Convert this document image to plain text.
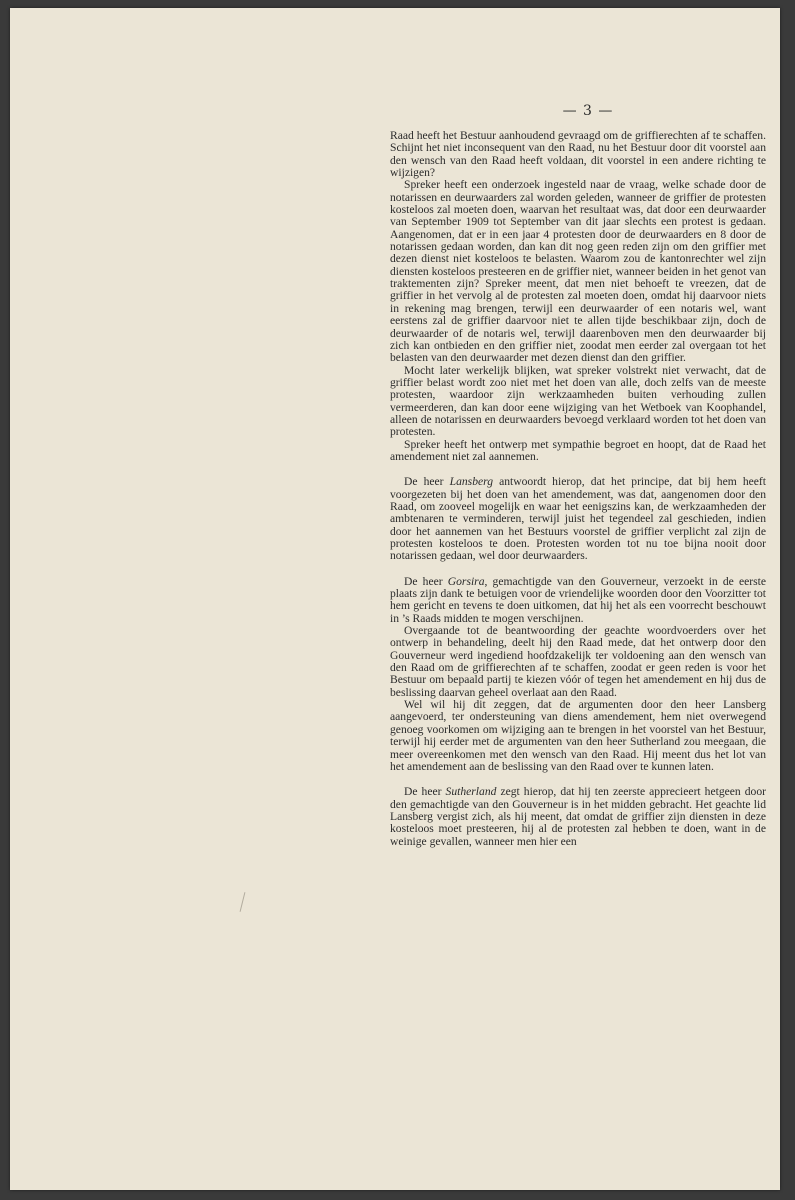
— 3 —

Raad heeft het Bestuur aanhoudend gevraagd om de griffierechten af te schaffen. Schijnt het niet inconsequent van den Raad, nu het Bestuur door dit voorstel aan den wensch van den Raad heeft voldaan, dit voorstel in een andere richting te wijzigen?

Spreker heeft een onderzoek ingesteld naar de vraag, welke schade door de notarissen en deurwaarders zal worden geleden, wanneer de griffier de protesten kosteloos zal moeten doen, waarvan het resultaat was, dat door een deurwaarder van September 1909 tot September van dit jaar slechts een protest is gedaan. Aangenomen, dat er in een jaar 4 protesten door de deurwaarders en 8 door de notarissen gedaan worden, dan kan dit nog geen reden zijn om den griffier met dezen dienst niet kosteloos te belasten. Waarom zou de kantonrechter wel zijn diensten kosteloos presteeren en de griffier niet, wanneer beiden in het genot van traktementen zijn? Spreker meent, dat men niet behoeft te vreezen, dat de griffier in het vervolg al de protesten zal moeten doen, omdat hij daarvoor niets in rekening mag brengen, terwijl een deurwaarder of een notaris wel, want eerstens zal de griffier daarvoor niet te allen tijde beschikbaar zijn, doch de deurwaarder of de notaris wel, terwijl daarenboven men den deurwaarder bij zich kan ontbieden en den griffier niet, zoodat men eerder zal overgaan tot het belasten van den deurwaarder met dezen dienst dan den griffier.

Mocht later werkelijk blijken, wat spreker volstrekt niet verwacht, dat de griffier belast wordt zoo niet met het doen van alle, doch zelfs van de meeste protesten, waardoor zijn werkzaamheden buiten verhouding zullen vermeerderen, dan kan door eene wijziging van het Wetboek van Koophandel, alleen de notarissen en deurwaarders bevoegd verklaard worden tot het doen van protesten.

Spreker heeft het ontwerp met sympathie begroet en hoopt, dat de Raad het amendement niet zal aannemen.

De heer Lansberg antwoordt hierop, dat het principe, dat bij hem heeft voorgezeten bij het doen van het amendement, was dat, aangenomen door den Raad, om zooveel mogelijk en waar het eenigszins kan, de werkzaamheden der ambtenaren te verminderen, terwijl juist het tegendeel zal geschieden, indien door het aannemen van het Bestuurs voorstel de griffier verplicht zal zijn de protesten kosteloos te doen. Protesten worden tot nu toe bijna nooit door notarissen gedaan, wel door deurwaarders.

De heer Gorsira, gemachtigde van den Gouverneur, verzoekt in de eerste plaats zijn dank te betuigen voor de vriendelijke woorden door den Voorzitter tot hem gericht en tevens te doen uitkomen, dat hij het als een voorrecht beschouwt in ’s Raads midden te mogen verschijnen.

Overgaande tot de beantwoording der geachte woordvoerders over het ontwerp in behandeling, deelt hij den Raad mede, dat het ontwerp door den Gouverneur werd ingediend hoofdzakelijk ter voldoening aan den wensch van den Raad om de griffierechten af te schaffen, zoodat er geen reden is voor het Bestuur om bepaald partij te kiezen vóór of tegen het amendement en hij dus de beslissing daarvan geheel overlaat aan den Raad.

Wel wil hij dit zeggen, dat de argumenten door den heer Lansberg aangevoerd, ter ondersteuning van diens amendement, hem niet overwegend genoeg voorkomen om wijziging aan te brengen in het voorstel van het Bestuur, terwijl hij eerder met de argumenten van den heer Sutherland zou meegaan, die meer overeenkomen met den wensch van den Raad. Hij meent dus het lot van het amendement aan de beslissing van den Raad over te kunnen laten.

De heer Sutherland zegt hierop, dat hij ten zeerste apprecieert hetgeen door den gemachtigde van den Gouverneur is in het midden gebracht. Het geachte lid Lansberg vergist zich, als hij meent, dat omdat de griffier zijn diensten in deze kosteloos moet presteeren, hij al de protesten zal hebben te doen, want in de weinige gevallen, wanneer men hier een
